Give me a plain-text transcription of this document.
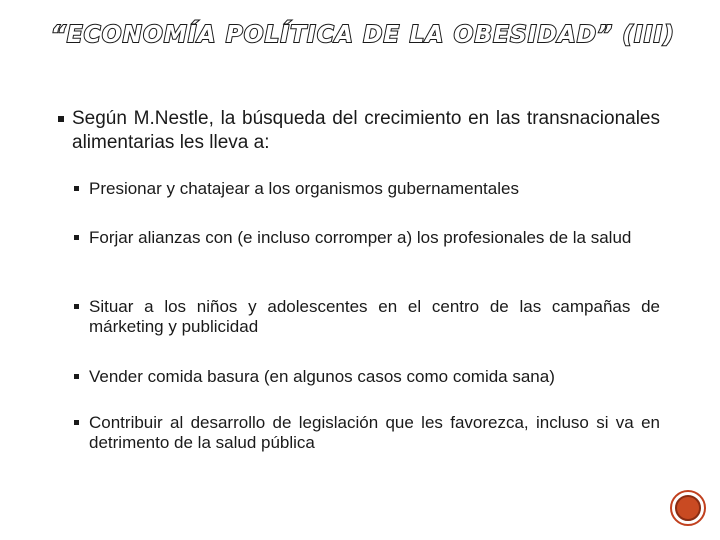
“ECONOMÍA POLÍTICA DE LA OBESIDAD” (III)

Según M.Nestle, la búsqueda del crecimiento en las transnacionales alimentarias les lleva a:

Presionar y chatajear a los organismos gubernamentales
Forjar alianzas con (e incluso corromper a) los profesionales de la salud
Situar a los niños y adolescentes en el centro de las campañas de márketing y publicidad
Vender comida basura (en algunos casos como comida sana)
Contribuir al desarrollo de legislación que les favorezca, incluso si va en detrimento de la salud pública
